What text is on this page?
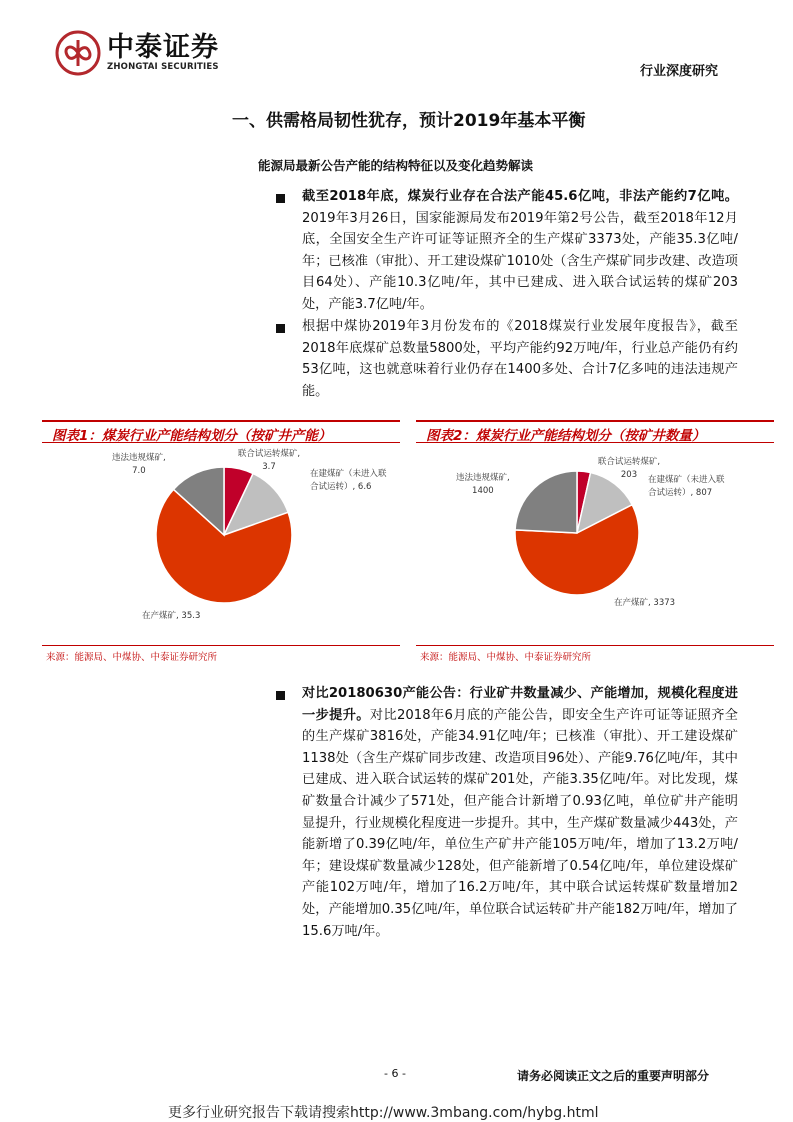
中泰证券
ZHONGTAI SECURITIES	行业深度研究
一、供需格局韧性犹存，预计2019年基本平衡
能源局最新公告产能的结构特征以及变化趋势解读
截至2018年底，煤炭行业存在合法产能45.6亿吨，非法产能约7亿吨。2019年3月26日，国家能源局发布2019年第2号公告，截至2018年12月底，全国安全生产许可证等证照齐全的生产煤矿3373处，产能35.3亿吨/年；已核准（审批）、开工建设煤矿1010处（含生产煤矿同步改建、改造项目64处）、产能10.3亿吨/年，其中已建成、进入联合试运转的煤矿203处，产能3.7亿吨/年。
根据中煤协2019年3月份发布的《2018煤炭行业发展年度报告》，截至2018年底煤矿总数量5800处，平均产能约92万吨/年，行业总产能仍有约53亿吨，这也就意味着行业仍存在1400多处、合计7亿多吨的违法违规产能。
图表1：煤炭行业产能结构划分（按矿井产能）
违法违规煤矿,
7.0
联合试运转煤矿, 3.7
在建煤矿（未进入联合试运转）, 6.6
在产煤矿, 35.3
来源：能源局、中煤协、中泰证券研究所
图表2：煤炭行业产能结构划分（按矿井数量）
违法违规煤矿,
1400
联合试运转煤矿, 203	在建煤矿（未进入联合试运转）, 807
在产煤矿, 3373
来源：能源局、中煤协、中泰证券研究所
对比20180630产能公告：行业矿井数量减少、产能增加，规模化程度进一步提升。对比2018年6月底的产能公告，即安全生产许可证等证照齐全的生产煤矿3816处，产能34.91亿吨/年；已核准（审批）、开工建设煤矿1138处（含生产煤矿同步改建、改造项目96处）、产能9.76亿吨/年，其中已建成、进入联合试运转的煤矿201处，产能3.35亿吨/年。对比发现，煤矿数量合计减少了571处，但产能合计新增了0.93亿吨，单位矿井产能明显提升，行业规模化程度进一步提升。其中，生产煤矿数量减少443处，产能新增了0.39亿吨/年，单位生产矿井产能105万吨/年，增加了13.2万吨/年；建设煤矿数量减少128处，但产能新增了0.54亿吨/年，单位建设煤矿产能102万吨/年，增加了16.2万吨/年，其中联合试运转煤矿数量增加2处，产能增加0.35亿吨/年，单位联合试运转矿井产能182万吨/年，增加了15.6万吨/年。
- 6 -	请务必阅读正文之后的重要声明部分
更多行业研究报告下载请搜索http://www.3mbang.com/hybg.html
